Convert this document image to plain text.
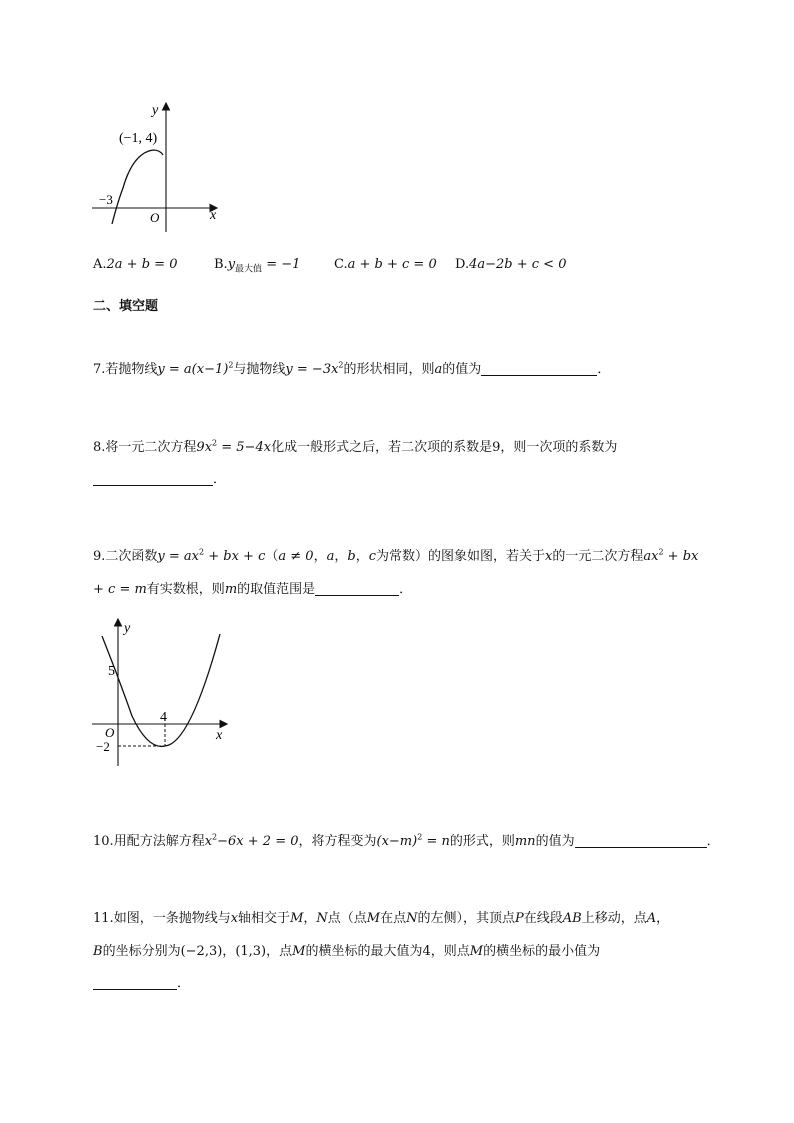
y
x
O
(−1, 4)
−3
A.2a + b = 0	$B.y_{最大值} = -1$	C.a + b + c = 0 D.4a−2b + c < 0
二、填空题
7.若抛物线$y = a(x-1)^2$与抛物线$y = -3x^2$的形状相同，则a的值为	．
8.将一元二次方程$9x^2 = 5-4x$化成一般形式之后，若二次项的系数是9，则一次项的系数为
．
9.二次函数$y = ax^2$ + bx + c（a ≠ 0，a，b，c为常数）的图象如图，若关于x的一元二次方程$ax^2$ + bx
+ c = m有实数根，则m的取值范围是	．
y
x
O
5
4
−2
10.用配方法解方程$x^2-6x + 2 = 0$，将方程变为$(x-m)^2 = n$的形式，则mn的值为	．
11.如图，一条抛物线与x轴相交于M，N点（点M在点N的左侧），其顶点P在线段AB上移动，点A，
B的坐标分别为(−2,3)，(1,3)，点M的横坐标的最大值为4，则点M的横坐标的最小值为
．
